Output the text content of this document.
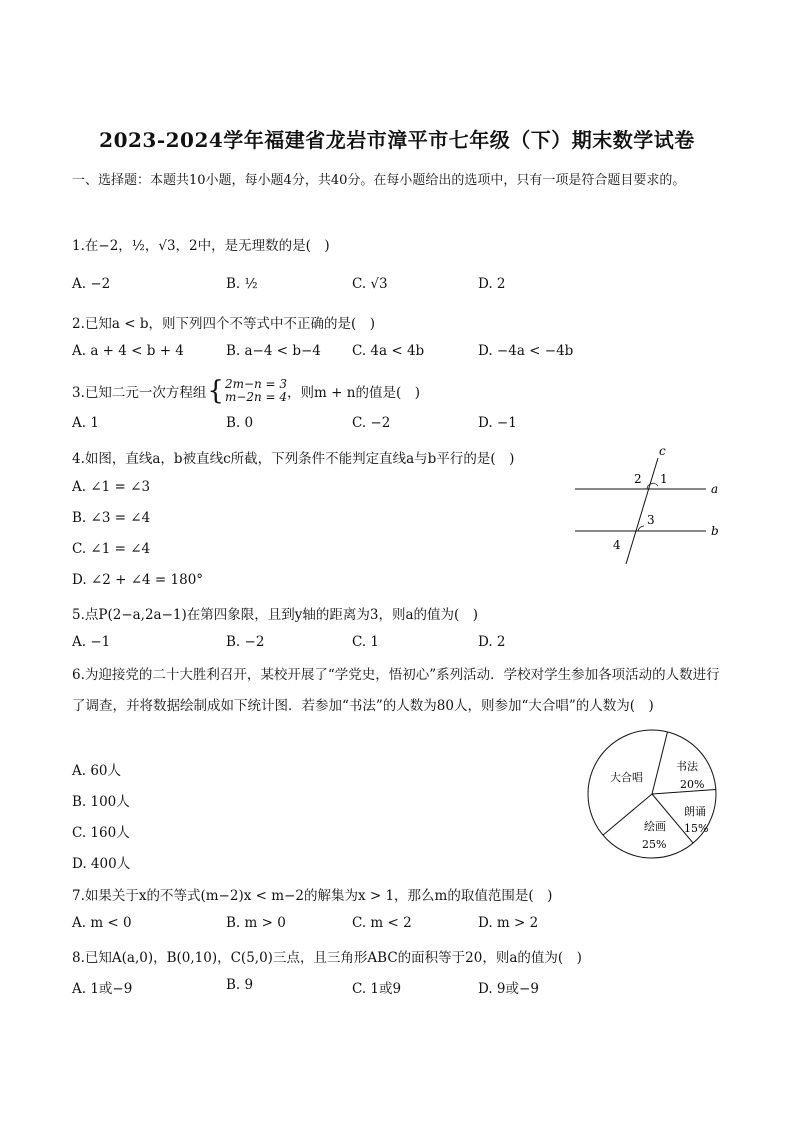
2023-2024学年福建省龙岩市漳平市七年级（下）期末数学试卷
一、选择题：本题共10小题，每小题4分，共40分。在每小题给出的选项中，只有一项是符合题目要求的。
1.在−2，½，√3，2中，是无理数的是(　)
A. −2	B. ½	C. √3	D. 2
2.已知a < b，则下列四个不等式中不正确的是(　)
A. a + 4 < b + 4	B. a−4 < b−4 C. 4a < 4b	D. −4a < −4b
3.已知二元一次方程组 { 2m−n = 3
m−2n = 4 ，则m + n的值是(　)
A. 1	B. 0	C. −2	D. −1
4.如图，直线a，b被直线c所截，下列条件不能判定直线a与b平行的是(　)
A. ∠1 = ∠3
B. ∠3 = ∠4
C. ∠1 = ∠4
D. ∠2 + ∠4 = 180°
c
a
b
2 1
3
4
5.点P(2−a,2a−1)在第四象限，且到y轴的距离为3，则a的值为(　)
A. −1	B. −2	C. 1	D. 2
6.为迎接党的二十大胜利召开，某校开展了“学党史，悟初心”系列活动．学校对学生参加各项活动的人数进行了调查，并将数据绘制成如下统计图．若参加“书法”的人数为80人，则参加“大合唱”的人数为(　)
A. 60人
B. 100人
C. 160人
D. 400人
大合唱
书法
20%
朗诵
15%
绘画
25%
7.如果关于x的不等式(m−2)x < m−2的解集为x > 1，那么m的取值范围是(　)
A. m < 0	B. m > 0	C. m < 2	D. m > 2
8.已知A(a,0)，B(0,10)，C(5,0)三点，且三角形ABC的面积等于20，则a的值为(　)
A. 1或−9	B. 9	C. 1或9	D. 9或−9
